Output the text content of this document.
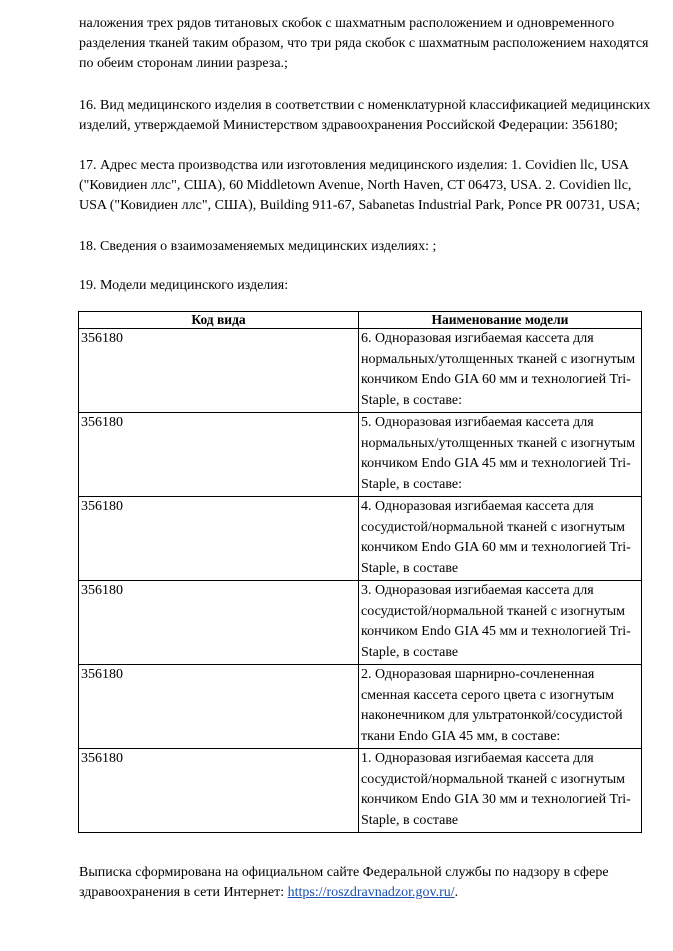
наложения трех рядов титановых скобок с шахматным расположением и одновременного
разделения тканей таким образом, что три ряда скобок с шахматным расположением находятся
по обеим сторонам линии разреза.;

16. Вид медицинского изделия в соответствии с номенклатурной классификацией медицинских
изделий, утверждаемой Министерством здравоохранения Российской Федерации: 356180;

17. Адрес места производства или изготовления медицинского изделия: 1. Covidien llc, USA
("Ковидиен ллс", США), 60 Middletown Avenue, North Haven, CT 06473, USA. 2. Covidien llc,
USA ("Ковидиен ллс", США), Building 911-67, Sabanetas Industrial Park, Ponce PR 00731, USA;

18. Сведения о взаимозаменяемых медицинских изделиях: ;

19. Модели медицинского изделия:

Код вида	Наименование модели
356180	6. Одноразовая изгибаемая кассета для
нормальных/утолщенных тканей с изогнутым
кончиком Endo GIA 60 мм и технологией Tri-
Staple, в составе:

356180	5. Одноразовая изгибаемая кассета для
нормальных/утолщенных тканей с изогнутым
кончиком Endo GIA 45 мм и технологией Tri-
Staple, в составе:

356180	4. Одноразовая изгибаемая кассета для
сосудистой/нормальной тканей с изогнутым
кончиком Endo GIA 60 мм и технологией Tri-
Staple, в составе

356180	3. Одноразовая изгибаемая кассета для
сосудистой/нормальной тканей с изогнутым
кончиком Endo GIA 45 мм и технологией Tri-
Staple, в составе

356180	2. Одноразовая шарнирно-сочлененная
сменная кассета серого цвета с изогнутым
наконечником для ультратонкой/сосудистой
ткани Endo GIA 45 мм, в составе:

356180	1. Одноразовая изгибаемая кассета для
сосудистой/нормальной тканей с изогнутым
кончиком Endo GIA 30 мм и технологией Tri-
Staple, в составе

Выписка сформирована на официальном сайте Федеральной службы по надзору в сфере
здравоохранения в сети Интернет: https://roszdravnadzor.gov.ru/.
